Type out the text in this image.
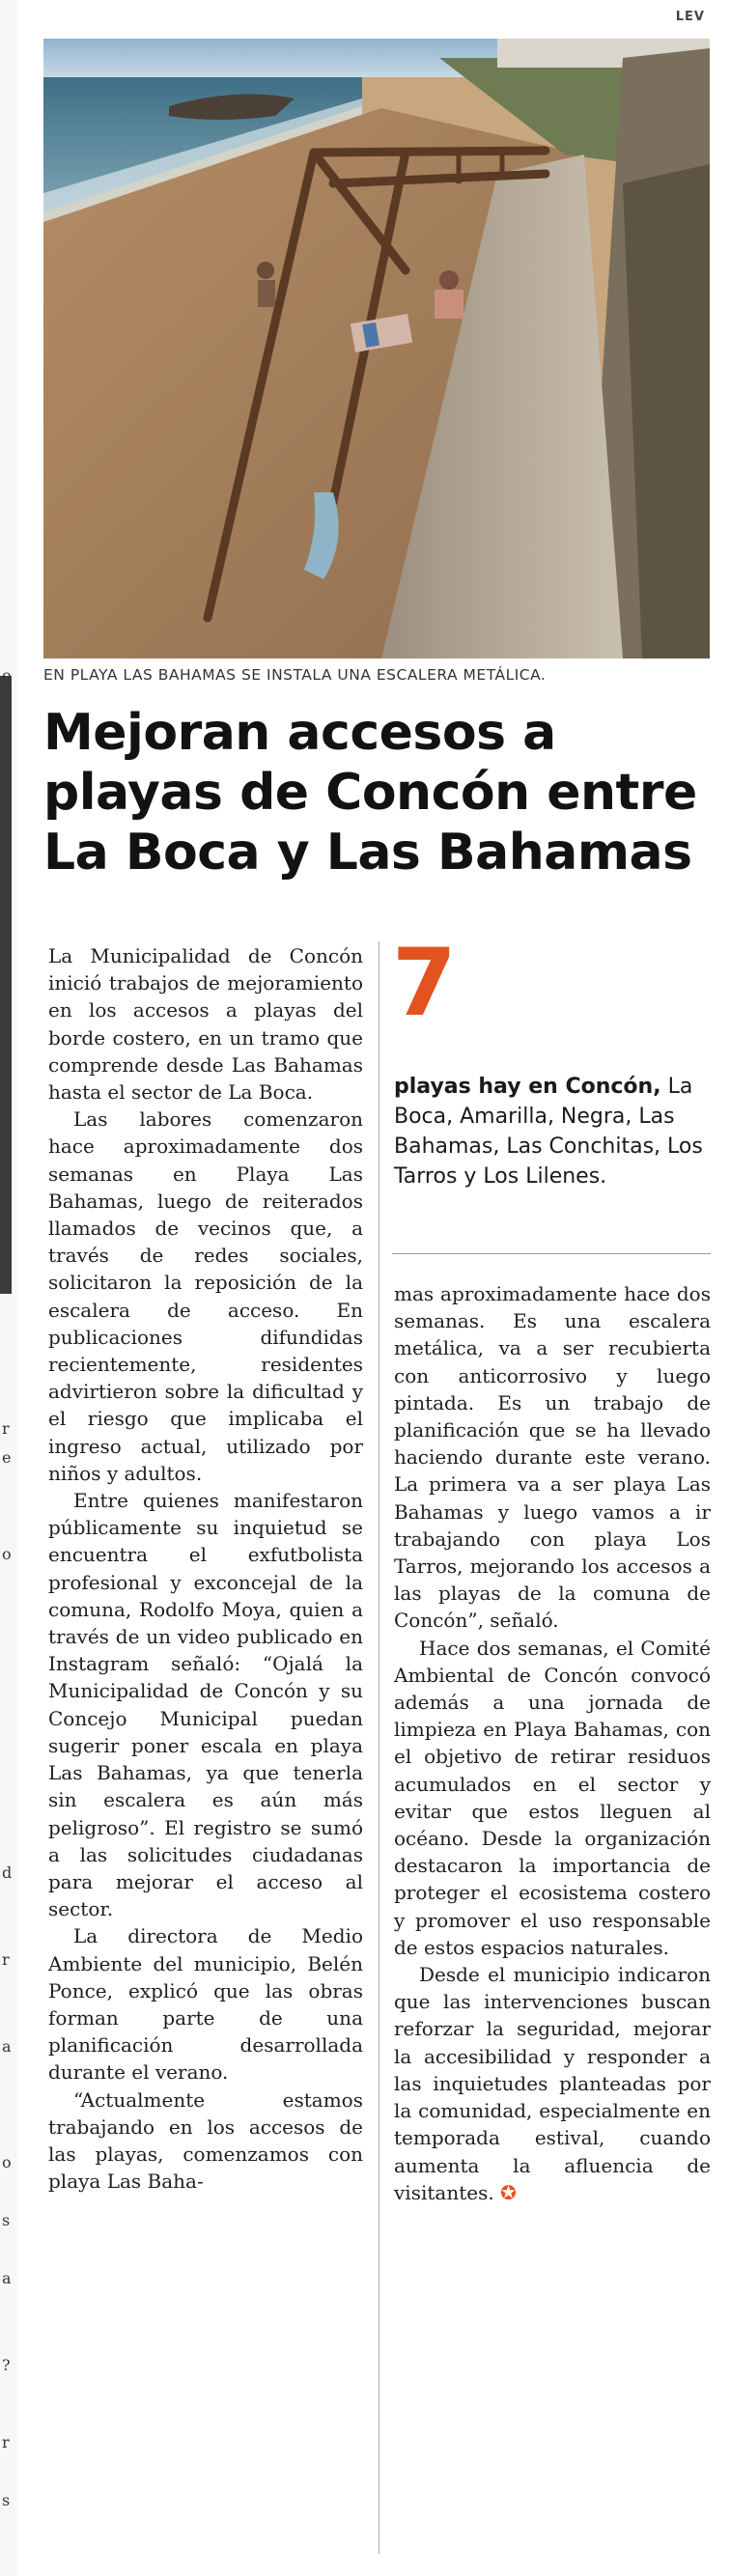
o
r
e
o
d
r
a
o
s
a
?
r
s
LEV
EN PLAYA LAS BAHAMAS SE INSTALA UNA ESCALERA METÁLICA.
Mejoran accesos a
playas de Concón entre
La Boca y Las Bahamas

La Municipalidad de Concón inició trabajos de mejoramiento en los accesos a playas del borde costero, en un tramo que comprende desde Las Bahamas hasta el sector de La Boca.

Las labores comenzaron hace aproximadamente dos semanas en Playa Las Bahamas, luego de reiterados llamados de vecinos que, a través de redes sociales, solicitaron la reposición de la escalera de acceso. En publicaciones difundidas recientemente, residentes advirtieron sobre la dificultad y el riesgo que implicaba el ingreso actual, utilizado por niños y adultos.

Entre quienes manifestaron públicamente su inquietud se encuentra el exfutbolista profesional y exconcejal de la comuna, Rodolfo Moya, quien a través de un video publicado en Instagram señaló: “Ojalá la Municipalidad de Concón y su Concejo Municipal puedan sugerir poner escala en playa Las Bahamas, ya que tenerla sin escalera es aún más peligroso”. El registro se sumó a las solicitudes ciudadanas para mejorar el acceso al sector.

La directora de Medio Ambiente del municipio, Belén Ponce, explicó que las obras forman parte de una planificación desarrollada durante el verano.

“Actualmente estamos trabajando en los accesos de las playas, comenzamos con playa Las Baha-

7
playas hay en Concón, La Boca, Amarilla, Negra, Las Bahamas, Las Conchitas, Los Tarros y Los Lilenes.

mas aproximadamente hace dos semanas. Es una escalera metálica, va a ser recubierta con anticorrosivo y luego pintada. Es un trabajo de planificación que se ha llevado haciendo durante este verano. La primera va a ser playa Las Bahamas y luego vamos a ir trabajando con playa Los Tarros, mejorando los accesos a las playas de la comuna de Concón”, señaló.

Hace dos semanas, el Comité Ambiental de Concón convocó además a una jornada de limpieza en Playa Bahamas, con el objetivo de retirar residuos acumulados en el sector y evitar que estos lleguen al océano. Desde la organización destacaron la importancia de proteger el ecosistema costero y promover el uso responsable de estos espacios naturales.

Desde el municipio indicaron que las intervenciones buscan reforzar la seguridad, mejorar la accesibilidad y responder a las inquietudes planteadas por la comunidad, especialmente en temporada estival, cuando aumenta la afluencia de visitantes. ✪
